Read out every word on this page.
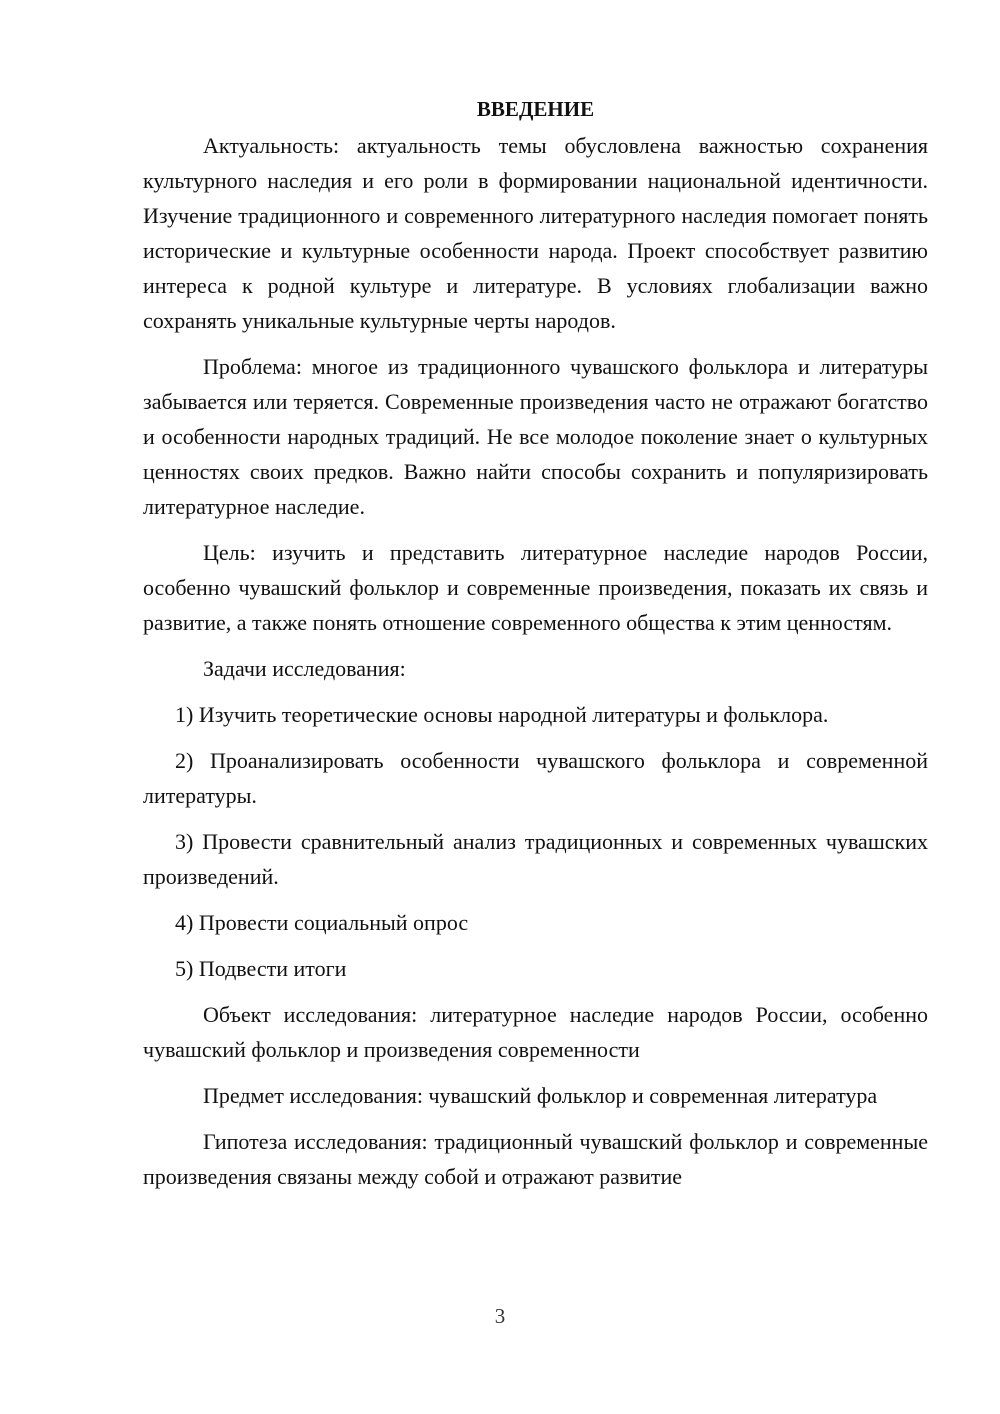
ВВЕДЕНИЕ

Актуальность: актуальность темы обусловлена важностью сохранения культурного наследия и его роли в формировании национальной идентичности. Изучение традиционного и современного литературного наследия помогает понять исторические и культурные особенности народа. Проект способствует развитию интереса к родной культуре и литературе. В условиях глобализации важно сохранять уникальные культурные черты народов.

Проблема: многое из традиционного чувашского фольклора и литературы забывается или теряется. Современные произведения часто не отражают богатство и особенности народных традиций. Не все молодое поколение знает о культурных ценностях своих предков. Важно найти способы сохранить и популяризировать литературное наследие.

Цель: изучить и представить литературное наследие народов России, особенно чувашский фольклор и современные произведения, показать их связь и развитие, а также понять отношение современного общества к этим ценностям.

Задачи исследования:

1) Изучить теоретические основы народной литературы и фольклора.

2) Проанализировать особенности чувашского фольклора и современной литературы.

3) Провести сравнительный анализ традиционных и современных чувашских произведений.

4) Провести социальный опрос

5) Подвести итоги

Объект исследования: литературное наследие народов России, особенно чувашский фольклор и произведения современности

Предмет исследования: чувашский фольклор и современная литература

Гипотеза исследования: традиционный чувашский фольклор и современные произведения связаны между собой и отражают развитие

3
